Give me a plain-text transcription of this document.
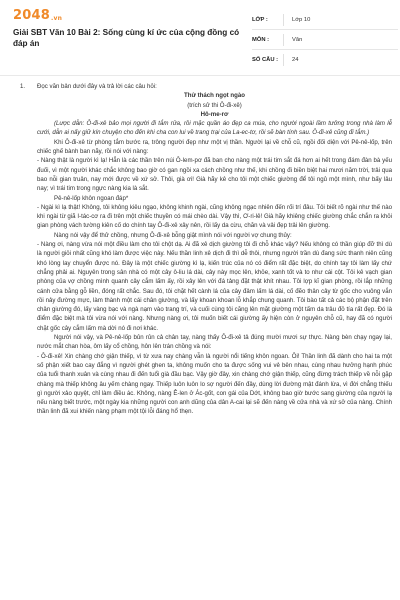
$2048_{.vn}$
Giải SBT Văn 10 Bài 2: Sống cùng kí ức của cộng đồng có đáp án
LỚP :	Lớp 10
MÔN :	Văn
SỐ CÂU :	24
1.	Đọc văn bản dưới đây và trả lời các câu hỏi:

Thử thách ngọt ngào

(trích sử thi Ô-đi-xê)

Hô-me-rơ

(Lược dẫn: Ô-đi-xê bảo mọi người đi tắm rửa, rồi mặc quần áo đẹp ca múa, cho người ngoài lầm tưởng trong nhà làm lễ cưới, dẫn ai nấy giữ kín chuyện cho đến khi cha con lui về trang trại của La-ec-tơ, rồi sẽ bàn tính sau. Ô-đi-xê cũng đi tắm.)

Khi Ô-đi-xê từ phòng tắm bước ra, trông người đẹp như một vị thần. Người lại về chỗ cũ, ngồi đối diện với Pê-nê-lốp, trên chiếc ghế bành ban nãy, rồi nói với nàng:

- Nàng thật là người kì lạ! Hẳn là các thần trên núi Ô-lem-pơ đã ban cho nàng một trái tim sắt đá hơn ai hết trong đám đàn bà yếu đuối, vì một người khác chắc không bao giờ có gan ngồi xa cách chồng như thế, khi chồng đi biền biệt hai mươi năm trời, trải qua bao nỗi gian truân, nay mới được về xứ sở. Thôi, già ơi! Già hãy kê cho tôi một chiếc giường để tôi ngủ một mình, như bấy lâu nay; vì trái tim trong ngực nàng kia là sắt.

Pê-nê-lốp khôn ngoan đáp*

- Ngài kì lạ thật! Không, tôi không kiêu ngạo, không khinh ngài, cũng không ngạc nhiên đến rối trí đâu. Tôi biết rõ ngài như thế nào khi ngài từ giã I-tác-cơ ra đi trên một chiếc thuyền có mái chèo dài. Vậy thì, Ơ-ri-lê! Già hãy khiêng chiếc giường chắc chắn ra khỏi gian phòng vách tường kiên cố do chính tay Ô-đi-xê xây nên, rồi lấy da cừu, chăn và vải đẹp trải lên giường.

Nàng nói vậy để thử chồng, nhưng Ô-đi-xê bỗng giật mình nói với người vợ chung thủy:

- Nàng ơi, nàng vừa nói một điều làm cho tôi chột dạ. Ai đã xê dịch giường tôi đi chỗ khác vậy? Nếu không có thần giúp đỡ thì dù là người giỏi nhất cũng khó làm được việc này. Nếu thần linh xê dịch đi thì dễ thôi, nhưng người trần dù đang sức thanh niên cũng khó lòng lay chuyển được nó. Đây là một chiếc giường kì lạ, kiến trúc của nó có điểm rất đặc biệt, do chính tay tôi làm lấy chứ chẳng phải ai. Nguyên trong sân nhà có một cây ô-liu lá dài, cây này mọc lên, khỏe, xanh tốt và to như cái cột. Tôi kê vạch gian phòng của vợ chồng mình quanh cây cắm lấm ấy, rồi xây lên với đá tảng đặt thật khít nhau. Tôi lợp kĩ gian phòng, rồi lắp những cánh cửa bằng gỗ liền, đóng rất chắc. Sau đó, tôi chặt hết cành lá của cây đảm lấm lá dài, cố đẽo thân cây từ gốc cho vuông vắn rồi nảy đường mực, làm thành một cái chân giường, và lấy khoan khoan lỗ khắp chung quanh. Tôi bào tất cả các bộ phận đặt trên chân giường đó, lấy vàng bạc và ngà nạm vào trang trí, và cuối cùng tôi căng lên mặt giường một tấm da trâu đỏ tía rất đẹp. Đó là điểm đặc biệt mà tôi vừa nói với nàng. Nhưng nàng ơi, tôi muốn biết cái giường ấy hiện còn ở nguyên chỗ cũ, hay đã có người chặt gốc cây cắm lấm mà dời nó đi nơi khác.

Người nói vậy, và Pê-nê-lốp bủn rủn cả chân tay, nàng thấy Ô-đi-xê tả đúng mười mươi sự thực. Nàng bèn chạy ngay lại, nước mắt chan hòa, ôm lấy cổ chồng, hôn lên trán chồng và nói:

- Ô-đi-xê! Xin chàng chớ giận thiếp, vì từ xưa nay chàng vẫn là người nổi tiếng khôn ngoan. Ôi! Thần linh đã dành cho hai ta một số phận xiết bao cay đắng vì người ghét ghen ta, không muốn cho ta được sống vui vẻ bên nhau, cùng nhau hưởng hạnh phúc của tuổi thanh xuân và cùng nhau đi đến tuổi già đầu bạc. Vậy giờ đây, xin chàng chớ giận thiếp, cũng đừng trách thiếp về nỗi gặp chàng mà thiếp không âu yếm chàng ngay. Thiếp luôn luôn lo sợ người đến đây, dùng lời đường mật đánh lừa, vì đời chẳng thiếu gì người xảo quyệt, chỉ làm điều ác. Không, nàng Ê-len ở Ác-gốt, con gái của Dớt, không bao giờ bước sang giường của người lạ nếu nàng biết trước, một ngày kia những người con anh dũng của dân A-cai lại sẽ đến nàng về cửa nhà và xứ sở của nàng. Chính thần linh đã xui khiến nàng phạm một tội lỗi đáng hổ thẹn.
